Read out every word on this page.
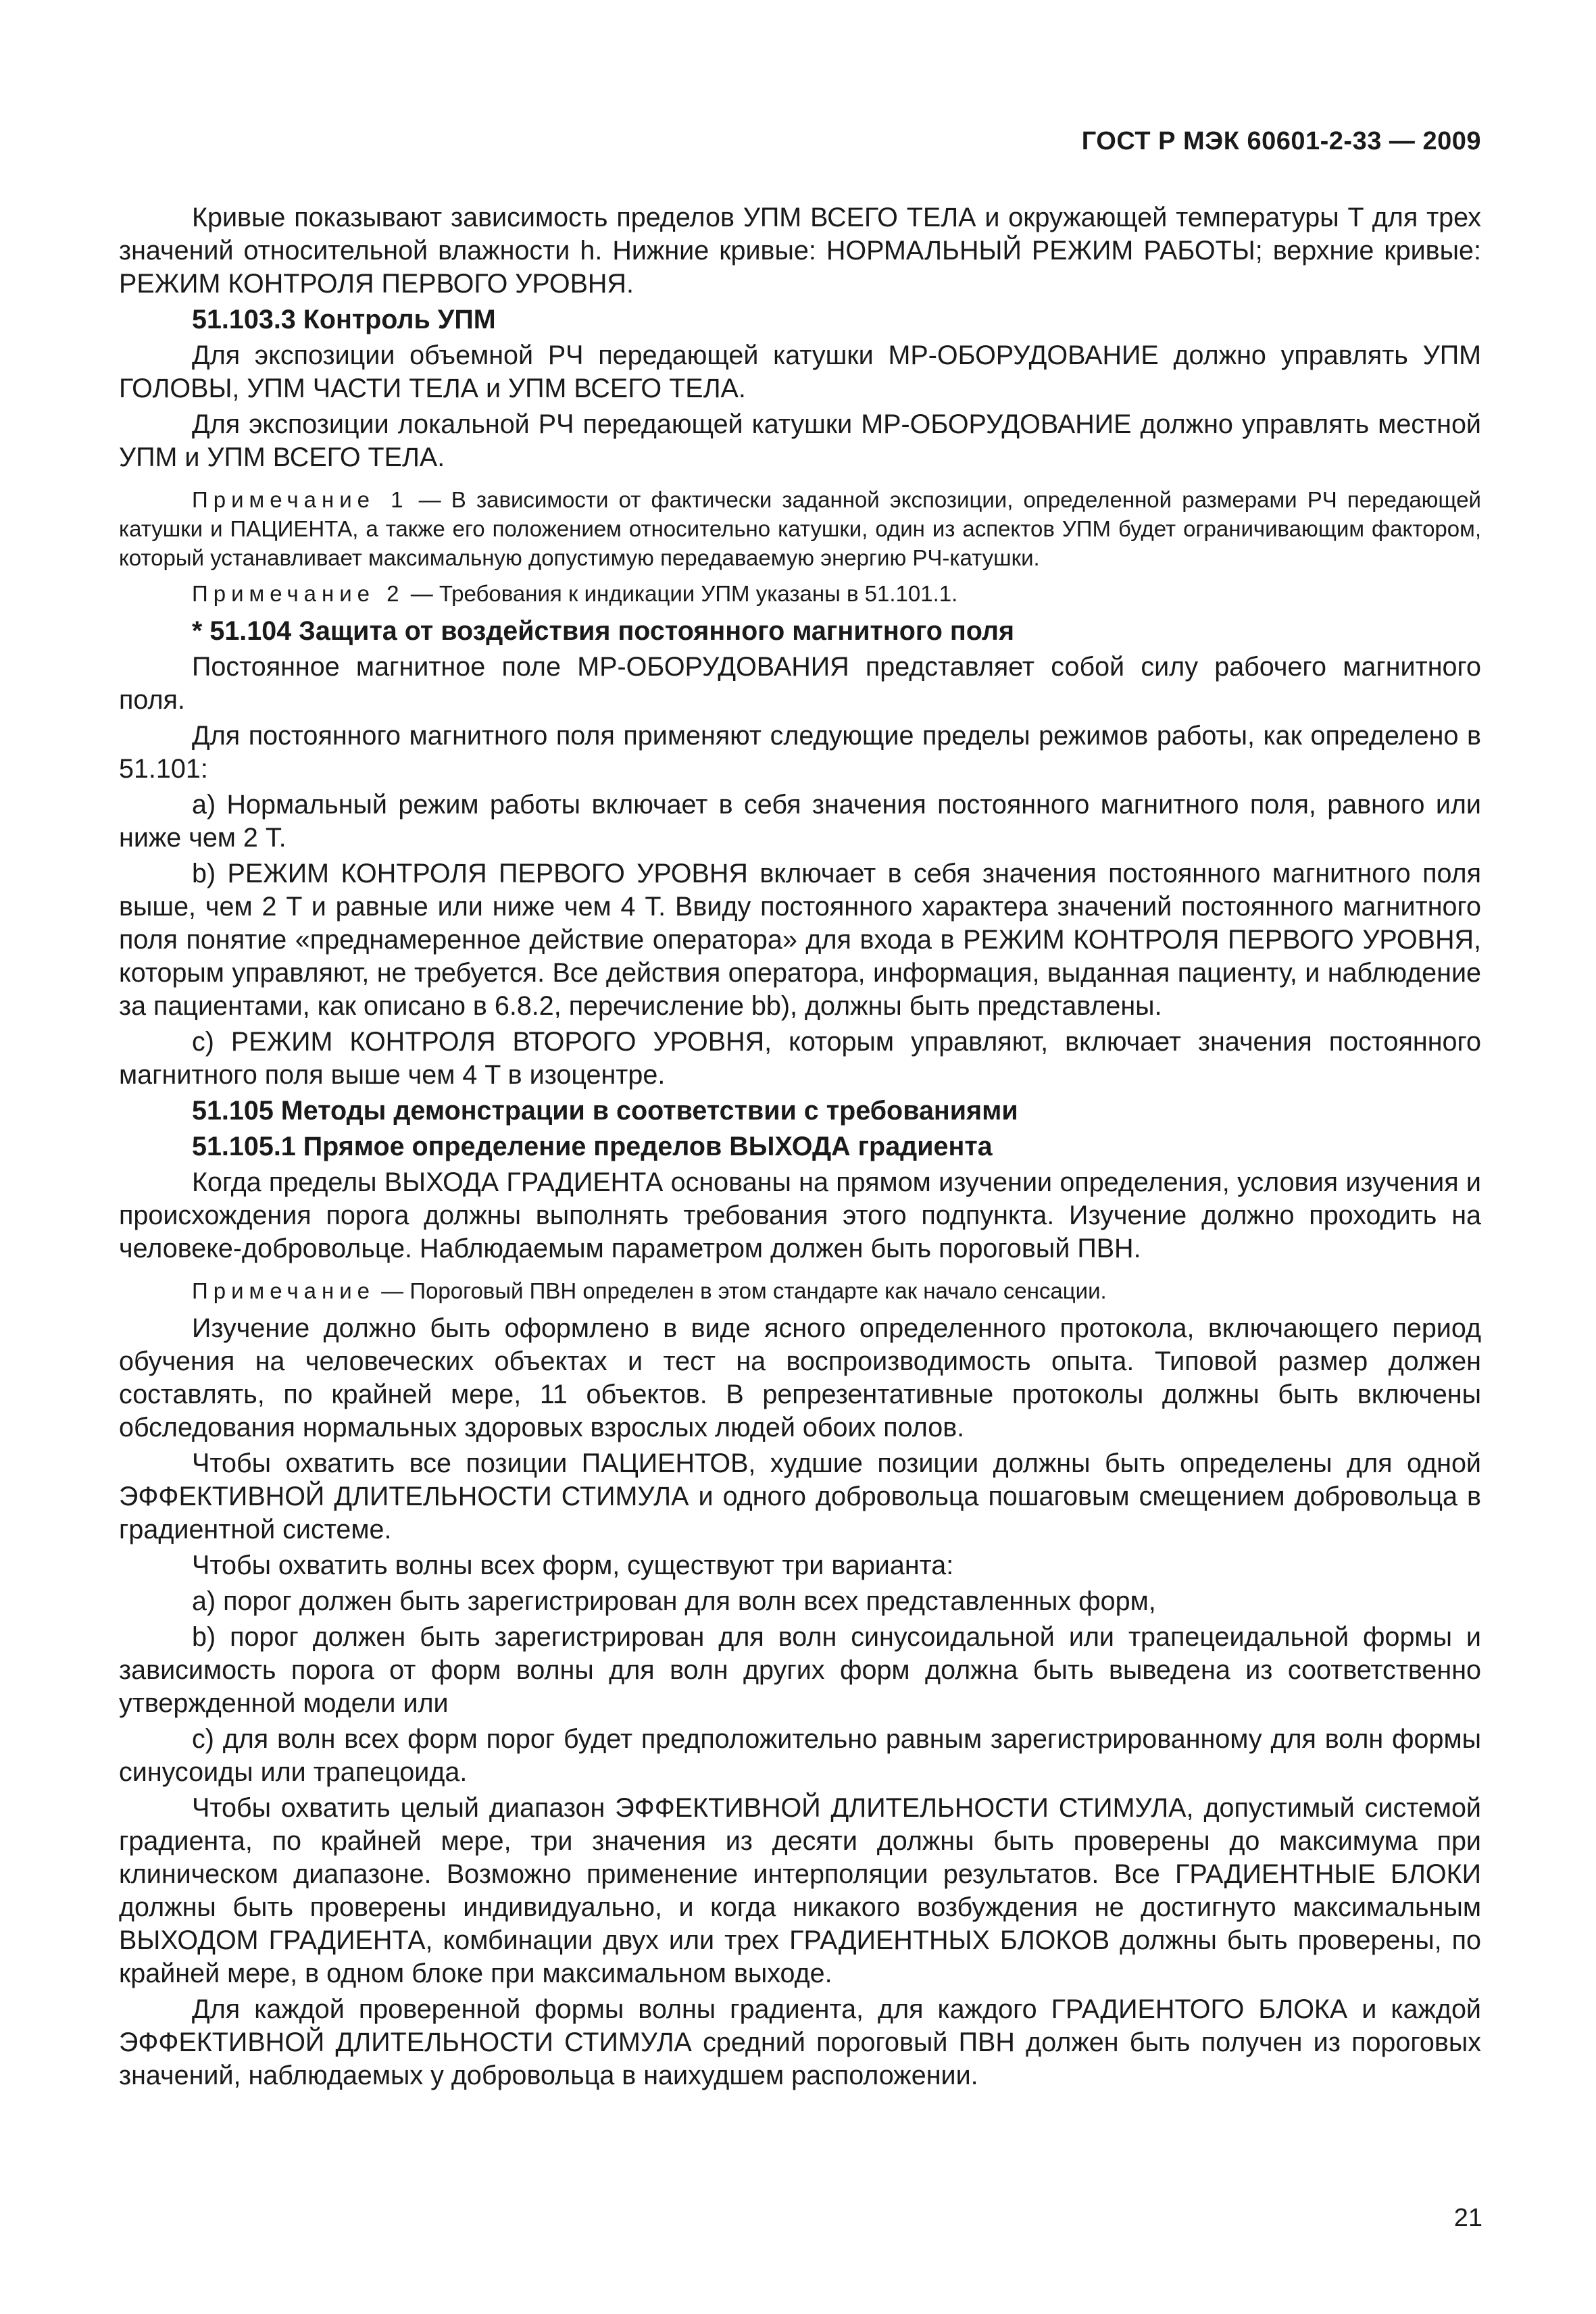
ГОСТ Р МЭК 60601-2-33 — 2009

Кривые показывают зависимость пределов УПМ ВСЕГО ТЕЛА и окружающей температуры T для трех значений относительной влажности h. Нижние кривые: НОРМАЛЬНЫЙ РЕЖИМ РАБОТЫ; верхние кривые: РЕЖИМ КОНТРОЛЯ ПЕРВОГО УРОВНЯ.

51.103.3 Контроль УПМ

Для экспозиции объемной РЧ передающей катушки МР-ОБОРУДОВАНИЕ должно управлять УПМ ГОЛОВЫ, УПМ ЧАСТИ ТЕЛА и УПМ ВСЕГО ТЕЛА.

Для экспозиции локальной РЧ передающей катушки МР-ОБОРУДОВАНИЕ должно управлять местной УПМ и УПМ ВСЕГО ТЕЛА.

Примечание 1 — В зависимости от фактически заданной экспозиции, определенной размерами РЧ передающей катушки и ПАЦИЕНТА, а также его положением относительно катушки, один из аспектов УПМ будет ограничивающим фактором, который устанавливает максимальную допустимую передаваемую энергию РЧ-катушки.

Примечание 2 — Требования к индикации УПМ указаны в 51.101.1.

* 51.104 Защита от воздействия постоянного магнитного поля

Постоянное магнитное поле МР-ОБОРУДОВАНИЯ представляет собой силу рабочего магнитного поля.

Для постоянного магнитного поля применяют следующие пределы режимов работы, как определено в 51.101:

a) Нормальный режим работы включает в себя значения постоянного магнитного поля, равного или ниже чем 2 T.

b) РЕЖИМ КОНТРОЛЯ ПЕРВОГО УРОВНЯ включает в себя значения постоянного магнитного поля выше, чем 2 T и равные или ниже чем 4 T. Ввиду постоянного характера значений постоянного магнитного поля понятие «преднамеренное действие оператора» для входа в РЕЖИМ КОНТРОЛЯ ПЕРВОГО УРОВНЯ, которым управляют, не требуется. Все действия оператора, информация, выданная пациенту, и наблюдение за пациентами, как описано в 6.8.2, перечисление bb), должны быть представлены.

c) РЕЖИМ КОНТРОЛЯ ВТОРОГО УРОВНЯ, которым управляют, включает значения постоянного магнитного поля выше чем 4 T в изоцентре.

51.105 Методы демонстрации в соответствии с требованиями

51.105.1 Прямое определение пределов ВЫХОДА градиента

Когда пределы ВЫХОДА ГРАДИЕНТА основаны на прямом изучении определения, условия изучения и происхождения порога должны выполнять требования этого подпункта. Изучение должно проходить на человеке-добровольце. Наблюдаемым параметром должен быть пороговый ПВН.

Примечание — Пороговый ПВН определен в этом стандарте как начало сенсации.

Изучение должно быть оформлено в виде ясного определенного протокола, включающего период обучения на человеческих объектах и тест на воспроизводимость опыта. Типовой размер должен составлять, по крайней мере, 11 объектов. В репрезентативные протоколы должны быть включены обследования нормальных здоровых взрослых людей обоих полов.

Чтобы охватить все позиции ПАЦИЕНТОВ, худшие позиции должны быть определены для одной ЭФФЕКТИВНОЙ ДЛИТЕЛЬНОСТИ СТИМУЛА и одного добровольца пошаговым смещением добровольца в градиентной системе.

Чтобы охватить волны всех форм, существуют три варианта:

a) порог должен быть зарегистрирован для волн всех представленных форм,

b) порог должен быть зарегистрирован для волн синусоидальной или трапецеидальной формы и зависимость порога от форм волны для волн других форм должна быть выведена из соответственно утвержденной модели или

c) для волн всех форм порог будет предположительно равным зарегистрированному для волн формы синусоиды или трапецоида.

Чтобы охватить целый диапазон ЭФФЕКТИВНОЙ ДЛИТЕЛЬНОСТИ СТИМУЛА, допустимый системой градиента, по крайней мере, три значения из десяти должны быть проверены до максимума при клиническом диапазоне. Возможно применение интерполяции результатов. Все ГРАДИЕНТНЫЕ БЛОКИ должны быть проверены индивидуально, и когда никакого возбуждения не достигнуто максимальным ВЫХОДОМ ГРАДИЕНТА, комбинации двух или трех ГРАДИЕНТНЫХ БЛОКОВ должны быть проверены, по крайней мере, в одном блоке при максимальном выходе.

Для каждой проверенной формы волны градиента, для каждого ГРАДИЕНТОГО БЛОКА и каждой ЭФФЕКТИВНОЙ ДЛИТЕЛЬНОСТИ СТИМУЛА средний пороговый ПВН должен быть получен из пороговых значений, наблюдаемых у добровольца в наихудшем расположении.

21
